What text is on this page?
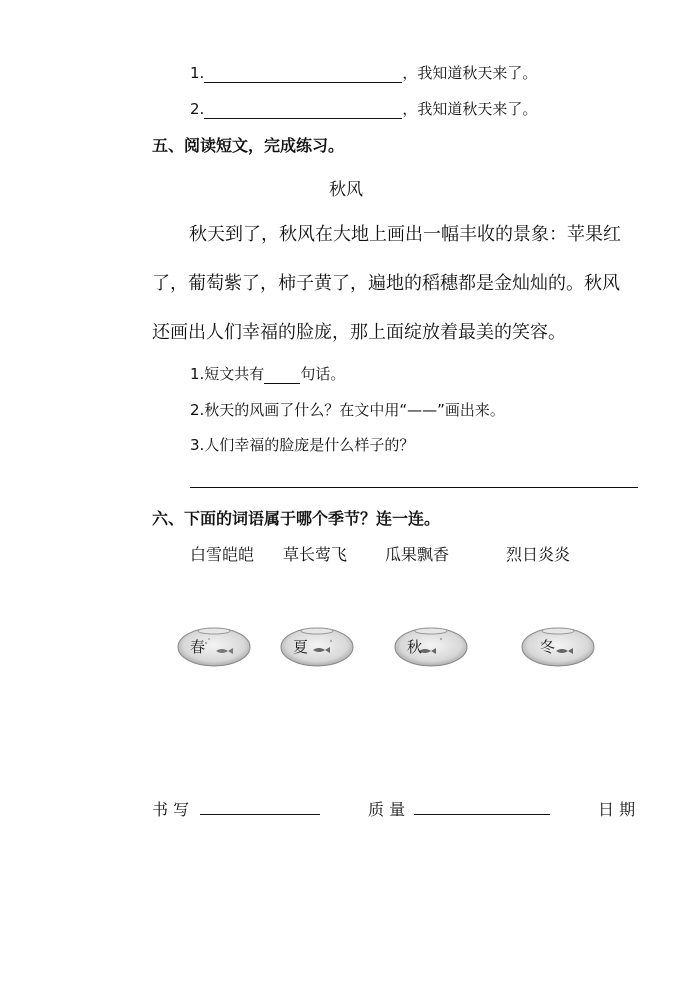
1.	，我知道秋天来了。
2.	，我知道秋天来了。
五、阅读短文，完成练习。
秋风
秋天到了，秋风在大地上画出一幅丰收的景象：苹果红
了，葡萄紫了，柿子黄了，遍地的稻穗都是金灿灿的。秋风
还画出人们幸福的脸庞，那上面绽放着最美的笑容。
1.短文共有 句话。
2.秋天的风画了什么？在文中用“——”画出来。
3.人们幸福的脸庞是什么样子的？
六、下面的词语属于哪个季节？连一连。
白雪皑皑 草长莺飞 瓜果飘香	烈日炎炎
春	夏	秋	冬
书 写	质 量	日 期
